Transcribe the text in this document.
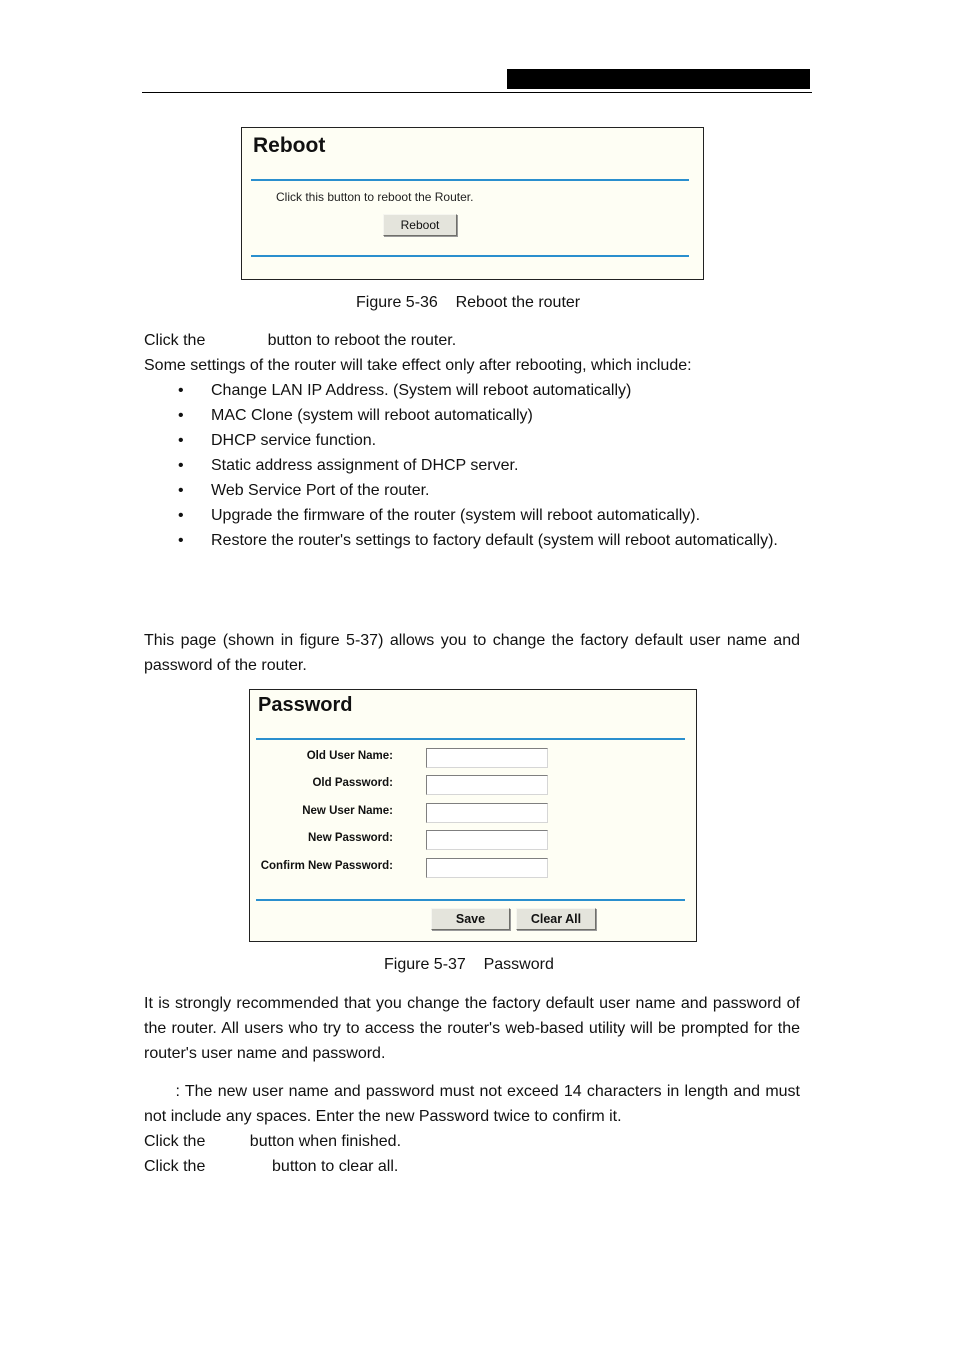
Reboot
Click this button to reboot the Router.
Reboot
Figure 5-36    Reboot the router
Click the              button to reboot the router.
Some settings of the router will take effect only after rebooting, which include:
• Change LAN IP Address. (System will reboot automatically)
• MAC Clone (system will reboot automatically)
• DHCP service function.
• Static address assignment of DHCP server.
• Web Service Port of the router.
• Upgrade the firmware of the router (system will reboot automatically).
• Restore the router's settings to factory default (system will reboot automatically).
This page (shown in figure 5-37) allows you to change the factory default user name and password of the router.
Password
Old User Name:
Old Password:
New User Name:
New Password:
Confirm New Password:
Save	Clear All
Figure 5-37    Password
It is strongly recommended that you change the factory default user name and password of the router. All users who try to access the router's web-based utility will be prompted for the router's user name and password.
: The new user name and password must not exceed 14 characters in length and must not include any spaces. Enter the new Password twice to confirm it.
Click the          button when finished.
Click the               button to clear all.
